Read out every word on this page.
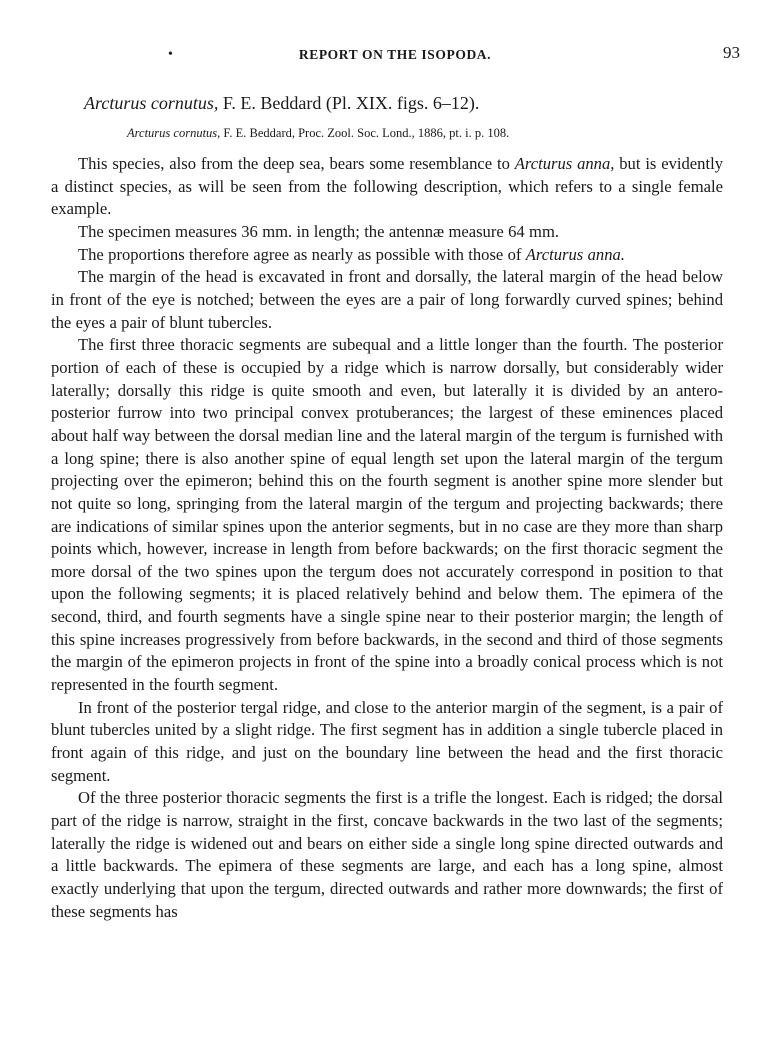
•	REPORT ON THE ISOPODA.	93
Arcturus cornutus, F. E. Beddard (Pl. XIX. figs. 6–12).
Arcturus cornutus, F. E. Beddard, Proc. Zool. Soc. Lond., 1886, pt. i. p. 108.

This species, also from the deep sea, bears some resemblance to Arcturus anna, but is evidently a distinct species, as will be seen from the following description, which refers to a single female example.

The specimen measures 36 mm. in length; the antennæ measure 64 mm.

The proportions therefore agree as nearly as possible with those of Arcturus anna.

The margin of the head is excavated in front and dorsally, the lateral margin of the head below in front of the eye is notched; between the eyes are a pair of long forwardly curved spines; behind the eyes a pair of blunt tubercles.

The first three thoracic segments are subequal and a little longer than the fourth. The posterior portion of each of these is occupied by a ridge which is narrow dorsally, but considerably wider laterally; dorsally this ridge is quite smooth and even, but laterally it is divided by an antero-posterior furrow into two principal convex protuberances; the largest of these eminences placed about half way between the dorsal median line and the lateral margin of the tergum is furnished with a long spine; there is also another spine of equal length set upon the lateral margin of the tergum projecting over the epimeron; behind this on the fourth segment is another spine more slender but not quite so long, springing from the lateral margin of the tergum and projecting backwards; there are indications of similar spines upon the anterior segments, but in no case are they more than sharp points which, however, increase in length from before backwards; on the first thoracic segment the more dorsal of the two spines upon the tergum does not accurately correspond in position to that upon the following segments; it is placed relatively behind and below them. The epimera of the second, third, and fourth segments have a single spine near to their posterior margin; the length of this spine increases progressively from before backwards, in the second and third of those segments the margin of the epimeron projects in front of the spine into a broadly conical process which is not represented in the fourth segment.

In front of the posterior tergal ridge, and close to the anterior margin of the segment, is a pair of blunt tubercles united by a slight ridge. The first segment has in addition a single tubercle placed in front again of this ridge, and just on the boundary line between the head and the first thoracic segment.

Of the three posterior thoracic segments the first is a trifle the longest. Each is ridged; the dorsal part of the ridge is narrow, straight in the first, concave backwards in the two last of the segments; laterally the ridge is widened out and bears on either side a single long spine directed outwards and a little backwards. The epimera of these segments are large, and each has a long spine, almost exactly underlying that upon the tergum, directed outwards and rather more downwards; the first of these segments has
